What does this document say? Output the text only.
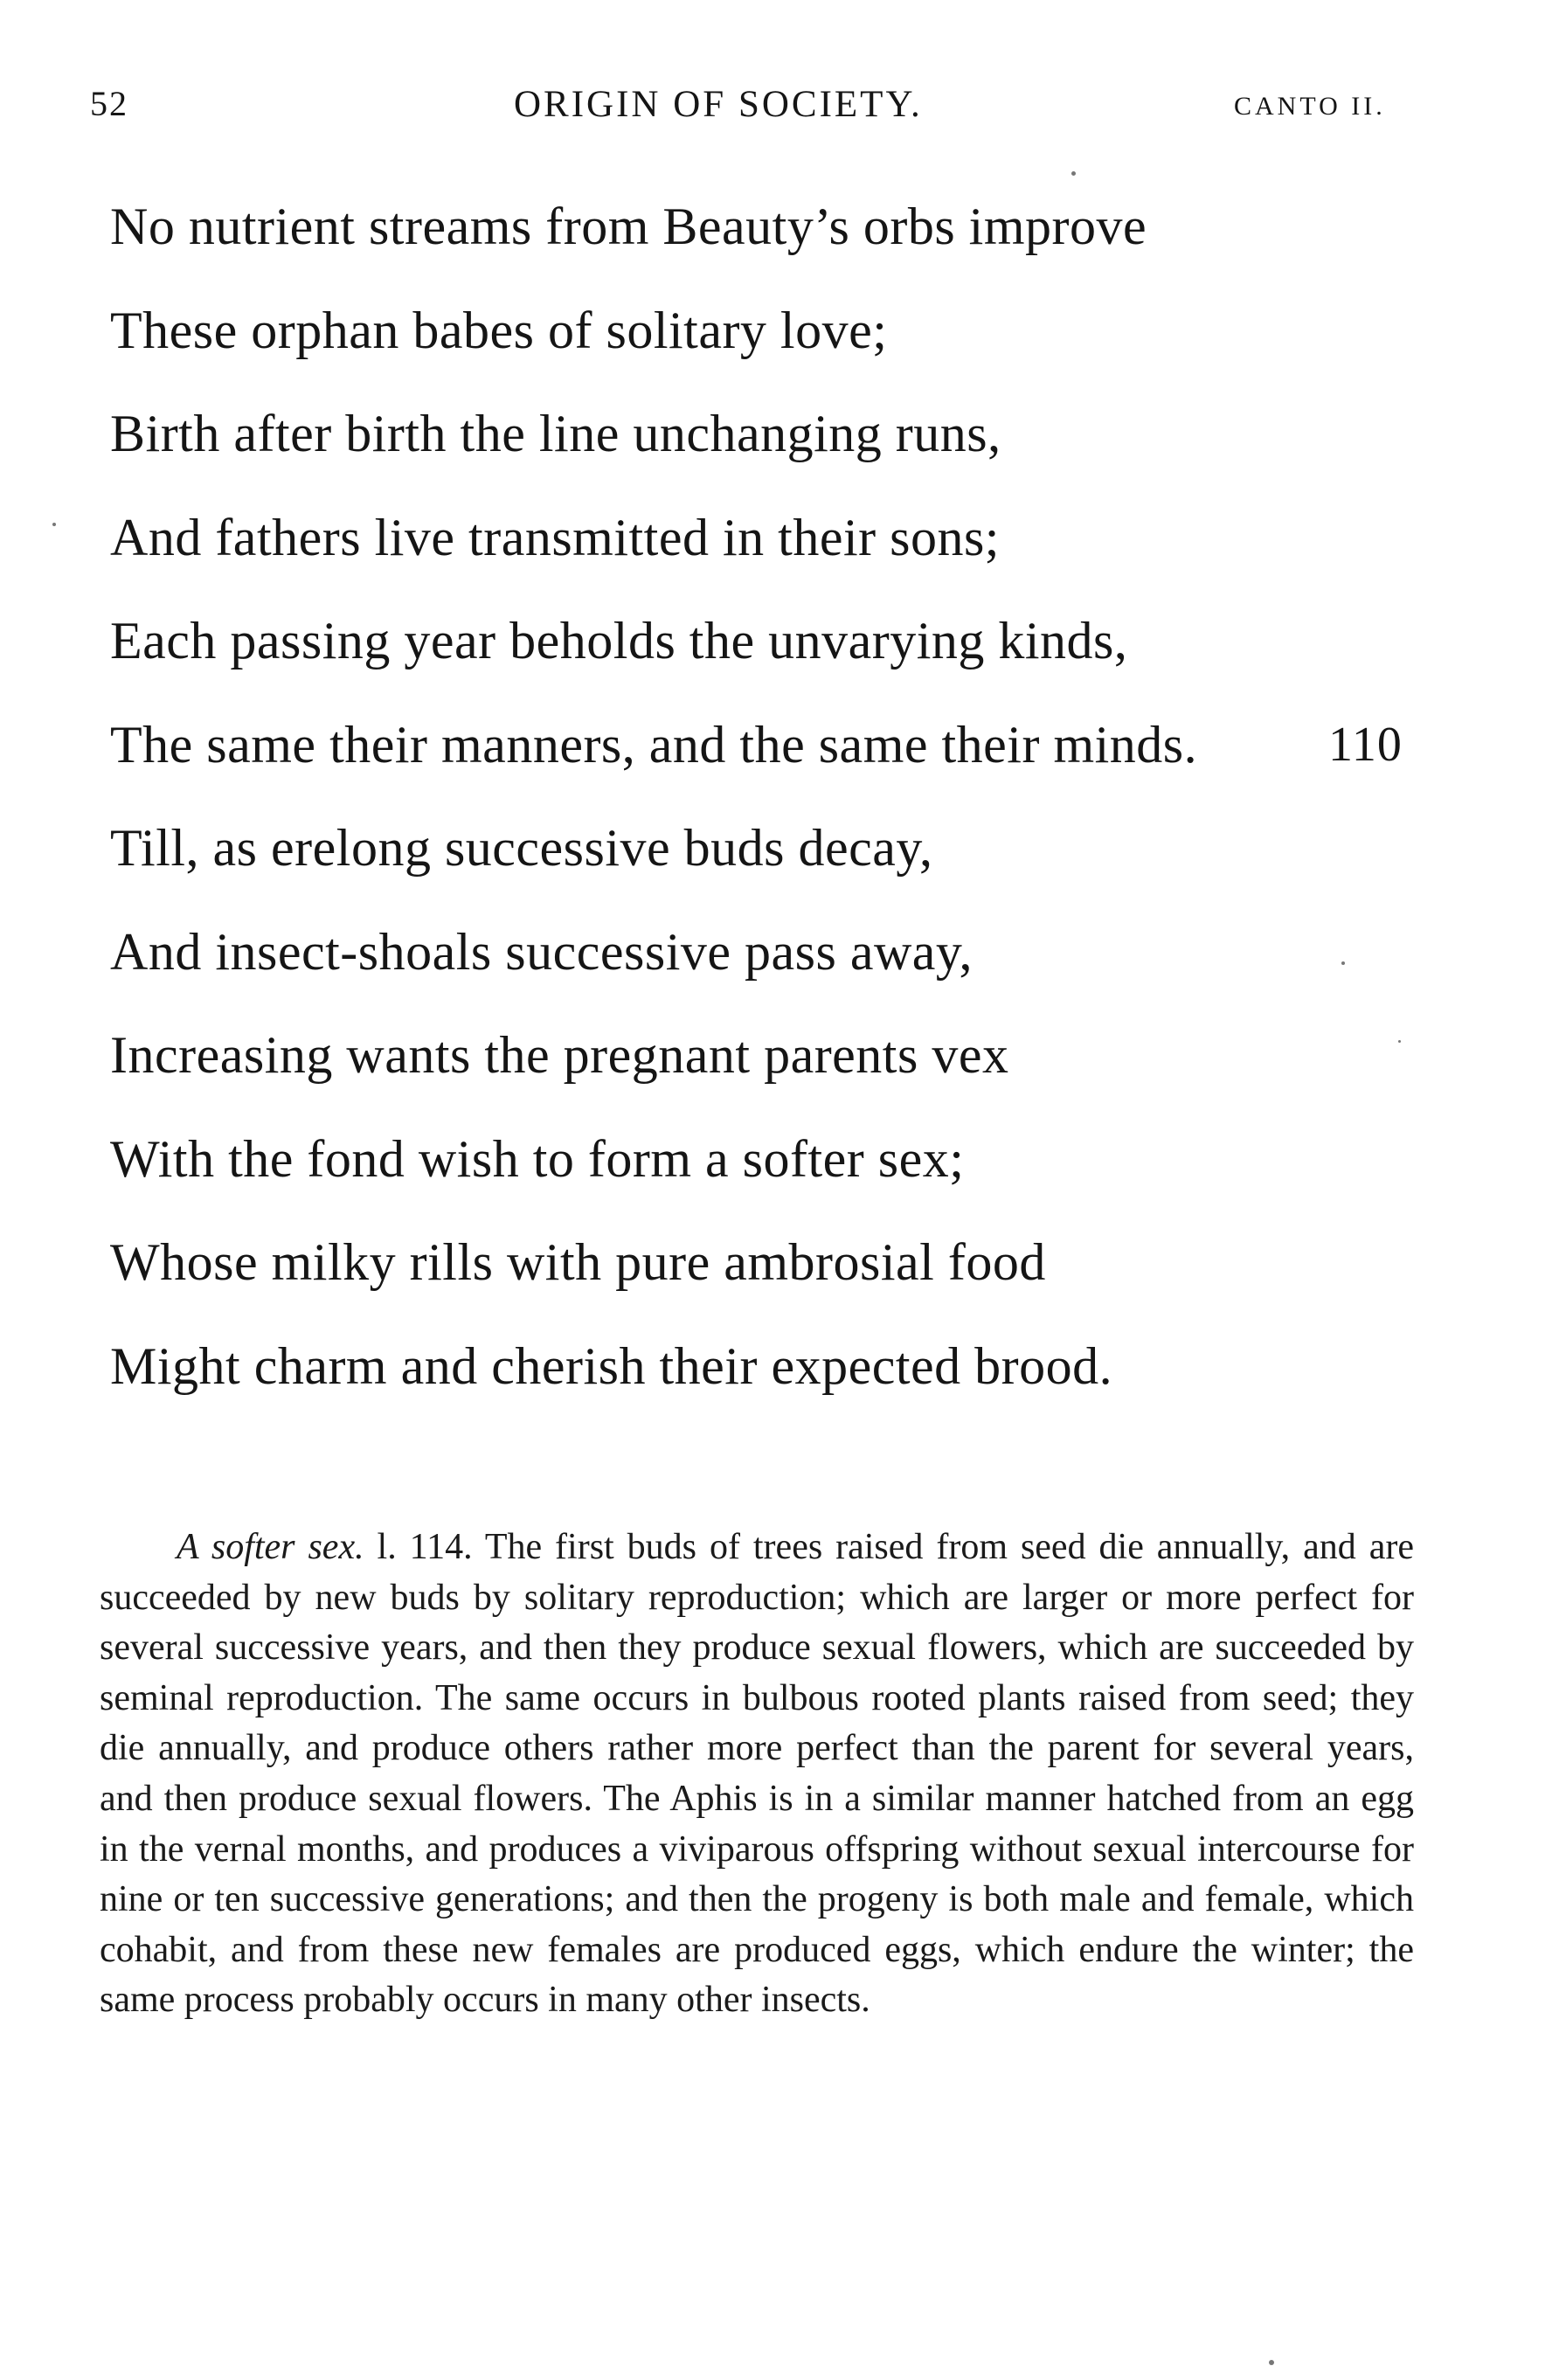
52	ORIGIN OF SOCIETY.	CANTO II.
No nutrient streams from Beauty’s orbs improve
These orphan babes of solitary love;
Birth after birth the line unchanging runs,
And fathers live transmitted in their sons;
Each passing year beholds the unvarying kinds,
The same their manners, and the same their minds.	110
Till, as erelong successive buds decay,
And insect-shoals successive pass away,
Increasing wants the pregnant parents vex
With the fond wish to form a softer sex;
Whose milky rills with pure ambrosial food
Might charm and cherish their expected brood.
A softer sex. l. 114. The first buds of trees raised from seed die annually, and are succeeded by new buds by solitary reproduction; which are larger or more perfect for several successive years, and then they produce sexual flowers, which are succeeded by seminal reproduction. The same occurs in bulbous rooted plants raised from seed; they die annually, and produce others rather more perfect than the parent for several years, and then produce sexual flowers. The Aphis is in a similar manner hatched from an egg in the vernal months, and produces a viviparous offspring without sexual intercourse for nine or ten successive generations; and then the progeny is both male and female, which cohabit, and from these new females are produced eggs, which endure the winter; the same process probably occurs in many other insects.
